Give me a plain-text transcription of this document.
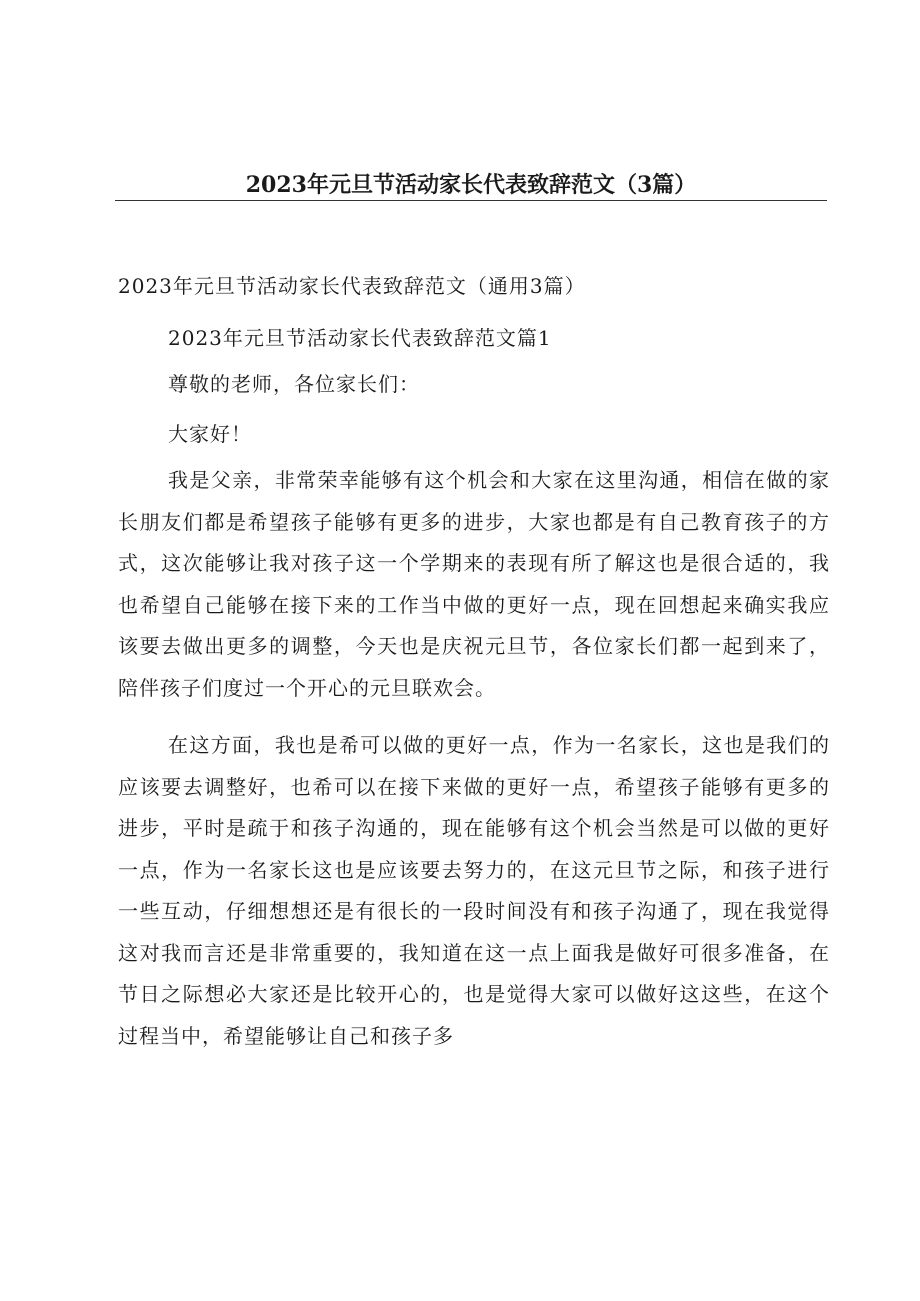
2023年元旦节活动家长代表致辞范文（3篇）

2023年元旦节活动家长代表致辞范文（通用3篇）

2023年元旦节活动家长代表致辞范文篇1

尊敬的老师，各位家长们：

大家好！

我是父亲，非常荣幸能够有这个机会和大家在这里沟通，相信在做的家长朋友们都是希望孩子能够有更多的进步，大家也都是有自己教育孩子的方式，这次能够让我对孩子这一个学期来的表现有所了解这也是很合适的，我也希望自己能够在接下来的工作当中做的更好一点，现在回想起来确实我应该要去做出更多的调整，今天也是庆祝元旦节，各位家长们都一起到来了，陪伴孩子们度过一个开心的元旦联欢会。

在这方面，我也是希可以做的更好一点，作为一名家长，这也是我们的应该要去调整好，也希可以在接下来做的更好一点，希望孩子能够有更多的进步，平时是疏于和孩子沟通的，现在能够有这个机会当然是可以做的更好一点，作为一名家长这也是应该要去努力的，在这元旦节之际，和孩子进行一些互动，仔细想想还是有很长的一段时间没有和孩子沟通了，现在我觉得这对我而言还是非常重要的，我知道在这一点上面我是做好可很多准备，在节日之际想必大家还是比较开心的，也是觉得大家可以做好这这些，在这个过程当中，希望能够让自己和孩子多
